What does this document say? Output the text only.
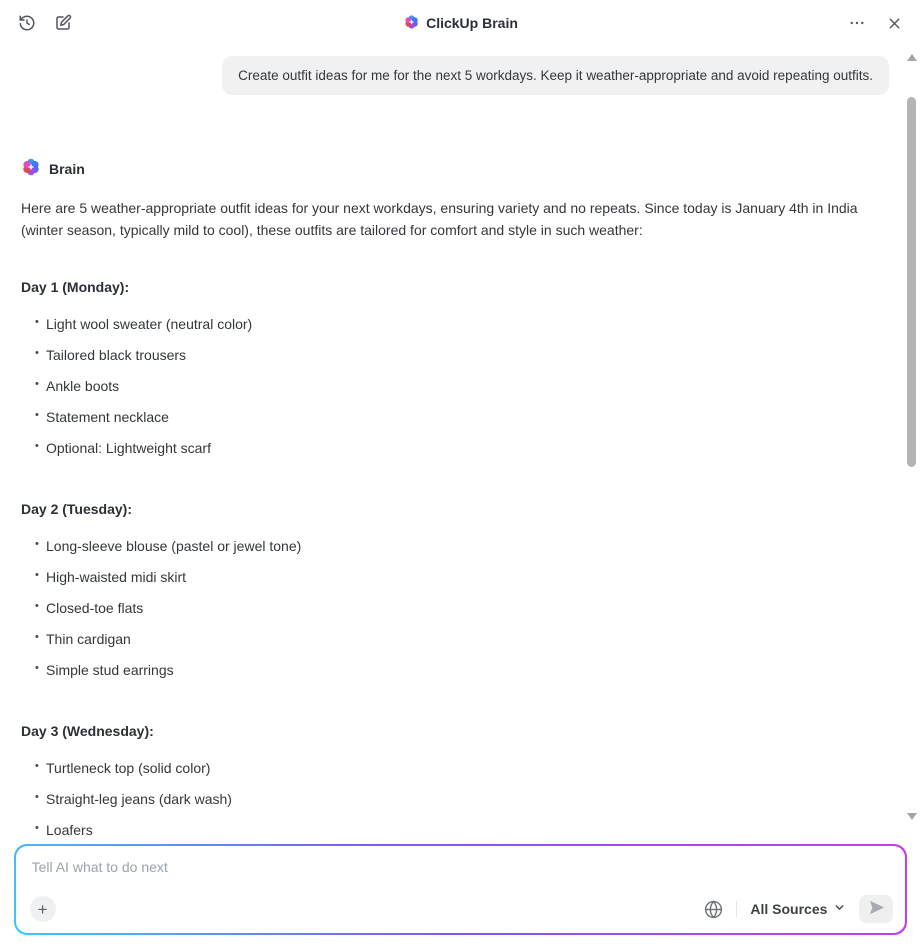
ClickUp Brain
Create outfit ideas for me for the next 5 workdays. Keep it weather-appropriate and avoid repeating outfits.
Brain

Here are 5 weather-appropriate outfit ideas for your next workdays, ensuring variety and no repeats. Since today is January 4th in India (winter season, typically mild to cool), these outfits are tailored for comfort and style in such weather:

Day 1 (Monday):
• Light wool sweater (neutral color)
• Tailored black trousers
• Ankle boots
• Statement necklace
• Optional: Lightweight scarf
Day 2 (Tuesday):
• Long-sleeve blouse (pastel or jewel tone)
• High-waisted midi skirt
• Closed-toe flats
• Thin cardigan
• Simple stud earrings
Day 3 (Wednesday):
• Turtleneck top (solid color)
• Straight-leg jeans (dark wash)
• Loafers
•
Tell AI what to do next
+	All Sources
